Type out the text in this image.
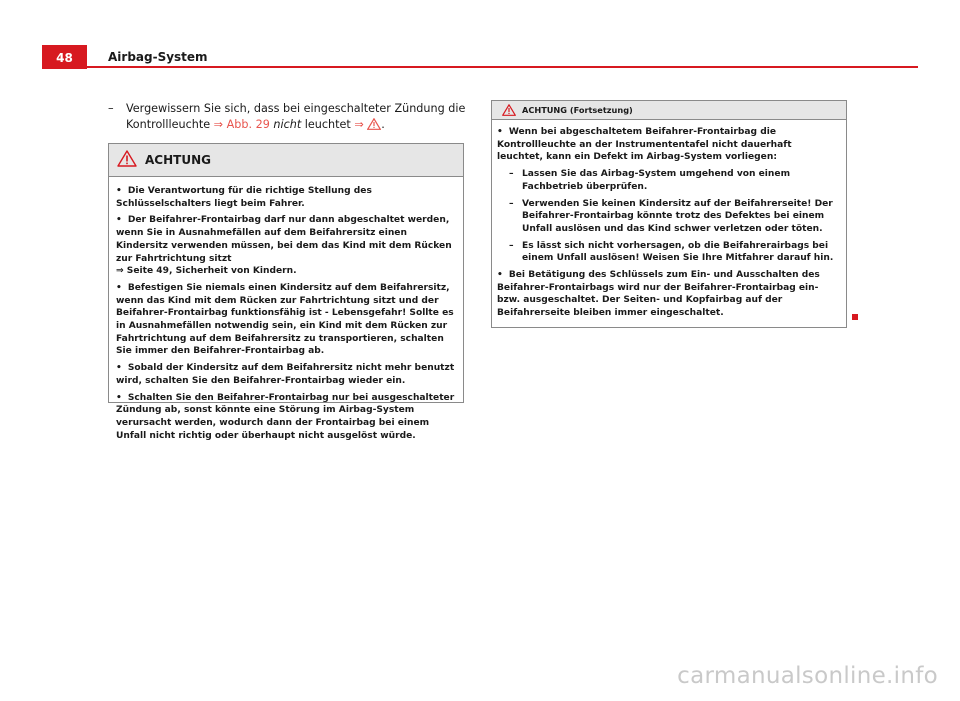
48	Airbag-System
–	Vergewissern Sie sich, dass bei eingeschalteter Zündung die Kontrollleuchte ⇒ Abb. 29 nicht leuchtet ⇒ .
ACHTUNG
• Die Verantwortung für die richtige Stellung des Schlüsselschalters liegt beim Fahrer.
• Der Beifahrer-Frontairbag darf nur dann abgeschaltet werden, wenn Sie in Ausnahmefällen auf dem Beifahrersitz einen Kindersitz verwenden müssen, bei dem das Kind mit dem Rücken zur Fahrtrichtung sitzt
⇒ Seite 49, Sicherheit von Kindern.
• Befestigen Sie niemals einen Kindersitz auf dem Beifahrersitz, wenn das Kind mit dem Rücken zur Fahrtrichtung sitzt und der Beifahrer-Frontairbag funktionsfähig ist - Lebensgefahr! Sollte es in Ausnahmefällen notwendig sein, ein Kind mit dem Rücken zur Fahrtrichtung auf dem Beifahrersitz zu transportieren, schalten Sie immer den Beifahrer-Frontairbag ab.
• Sobald der Kindersitz auf dem Beifahrersitz nicht mehr benutzt wird, schalten Sie den Beifahrer-Frontairbag wieder ein.
• Schalten Sie den Beifahrer-Frontairbag nur bei ausgeschalteter Zündung ab, sonst könnte eine Störung im Airbag-System verursacht werden, wodurch dann der Frontairbag bei einem Unfall nicht richtig oder überhaupt nicht ausgelöst würde.
ACHTUNG (Fortsetzung)
• Wenn bei abgeschaltetem Beifahrer-Frontairbag die Kontrollleuchte an der Instrumententafel nicht dauerhaft leuchtet, kann ein Defekt im Airbag-System vorliegen:
– Lassen Sie das Airbag-System umgehend von einem Fachbetrieb überprüfen.
– Verwenden Sie keinen Kindersitz auf der Beifahrerseite! Der Beifahrer-Frontairbag könnte trotz des Defektes bei einem Unfall auslösen und das Kind schwer verletzen oder töten.
– Es lässt sich nicht vorhersagen, ob die Beifahrerairbags bei einem Unfall auslösen! Weisen Sie Ihre Mitfahrer darauf hin.
• Bei Betätigung des Schlüssels zum Ein- und Ausschalten des Beifahrer-Frontairbags wird nur der Beifahrer-Frontairbag ein- bzw. ausgeschaltet. Der Seiten- und Kopfairbag auf der Beifahrerseite bleiben immer eingeschaltet.
carmanualsonline.info
